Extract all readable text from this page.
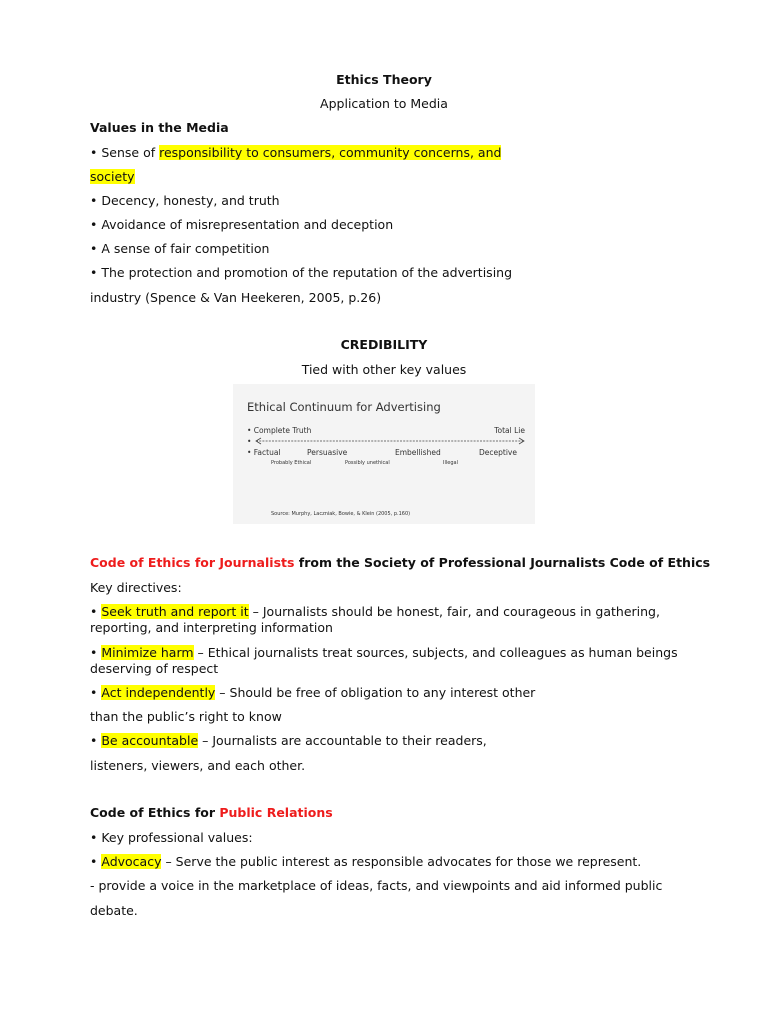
Ethics Theory
Application to Media
Values in the Media
• Sense of responsibility to consumers, community concerns, and
society
• Decency, honesty, and truth
• Avoidance of misrepresentation and deception
• A sense of fair competition
• The protection and promotion of the reputation of the advertising
industry (Spence & Van Heekeren, 2005, p.26)
CREDIBILITY
Tied with other key values
Ethical Continuum for Advertising
• Complete Truth	Total Lie
•
• Factual	Persuasive	Embellished	Deceptive
Probably Ethical	Possibly unethical	Illegal
Source: Murphy, Laczniak, Bowie, & Klein (2005, p.160)
Code of Ethics for Journalists from the Society of Professional Journalists Code of Ethics
Key directives:
• Seek truth and report it – Journalists should be honest, fair, and courageous in gathering,
reporting, and interpreting information
• Minimize harm – Ethical journalists treat sources, subjects, and colleagues as human beings
deserving of respect
• Act independently – Should be free of obligation to any interest other
than the public’s right to know
• Be accountable – Journalists are accountable to their readers,
listeners, viewers, and each other.
Code of Ethics for Public Relations
• Key professional values:
• Advocacy – Serve the public interest as responsible advocates for those we represent.
- provide a voice in the marketplace of ideas, facts, and viewpoints and aid informed public
debate.
